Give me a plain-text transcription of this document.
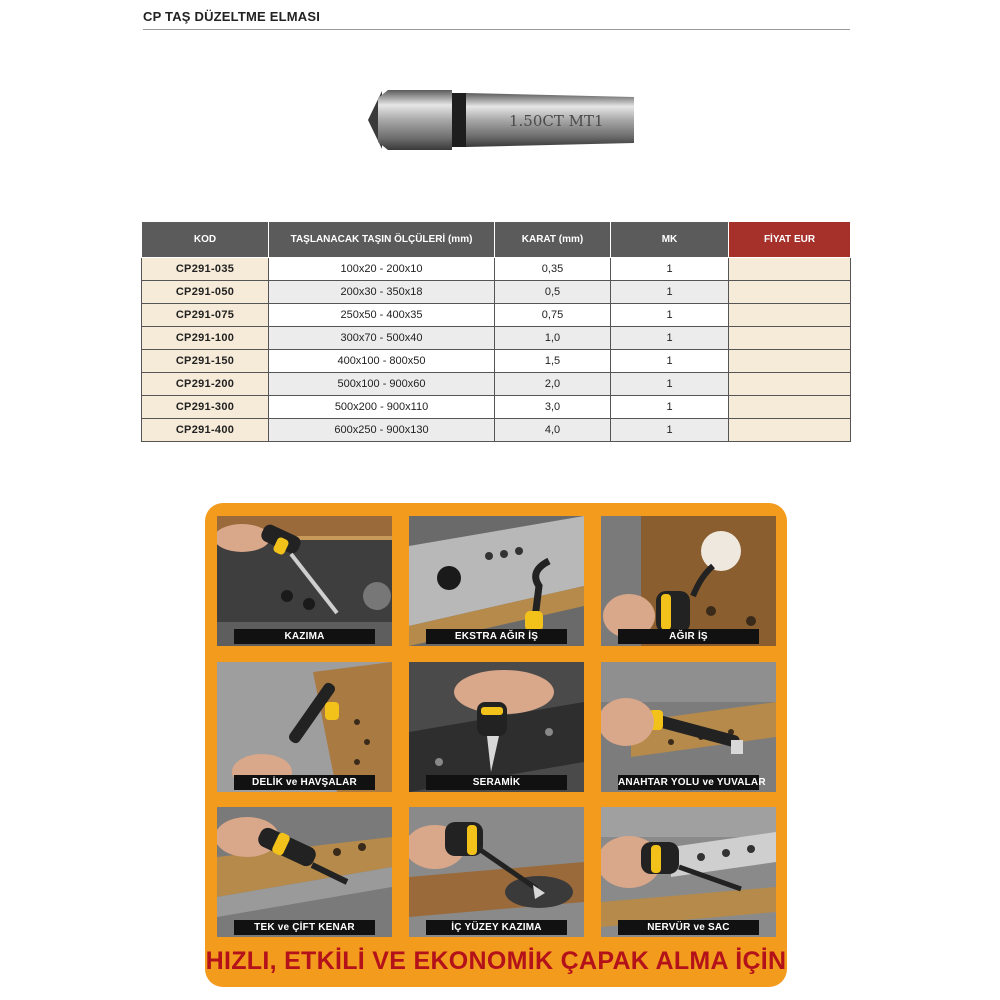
CP TAŞ DÜZELTME ELMASI
1.50CT MT1
KOD	TAŞLANACAK TAŞIN ÖLÇÜLERİ (mm)	KARAT (mm)	MK	FİYAT EUR
CP291-035	100x20 - 200x10	0,35	1	
CP291-050	200x30 - 350x18	0,5	1	
CP291-075	250x50 - 400x35	0,75	1	
CP291-100	300x70 - 500x40	1,0	1	
CP291-150	400x100 - 800x50	1,5	1	
CP291-200	500x100 - 900x60	2,0	1	
CP291-300	500x200 - 900x110	3,0	1	
CP291-400	600x250 - 900x130	4,0	1	
KAZIMA	EKSTRA AĞIR İŞ	AĞIR İŞ
DELİK ve HAVŞALAR	SERAMİK	ANAHTAR YOLU ve YUVALAR
TEK ve ÇİFT KENAR	İÇ YÜZEY KAZIMA	NERVÜR ve SAC
HIZLI, ETKİLİ VE EKONOMİK ÇAPAK ALMA İÇİN
